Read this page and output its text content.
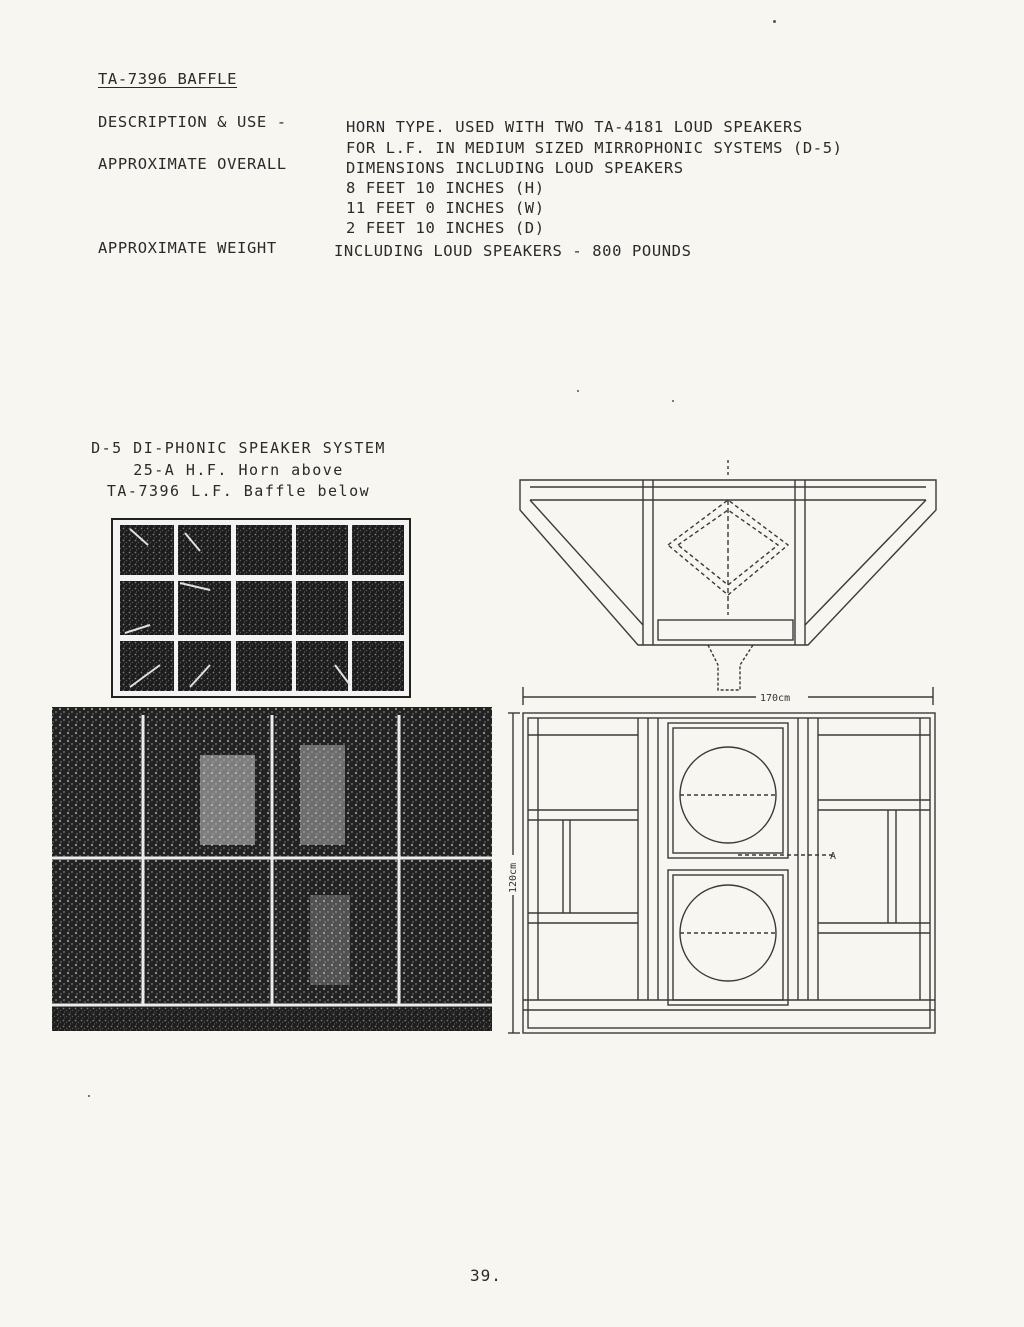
TA-7396 BAFFLE
DESCRIPTION & USE -	HORN TYPE. USED WITH TWO TA-4181 LOUD SPEAKERS
FOR L.F. IN MEDIUM SIZED MIRROPHONIC SYSTEMS (D-5)
APPROXIMATE OVERALL	DIMENSIONS INCLUDING LOUD SPEAKERS
8 FEET 10 INCHES (H)
11 FEET 0 INCHES (W)
2 FEET 10 INCHES (D)
APPROXIMATE WEIGHT	INCLUDING LOUD SPEAKERS - 800 POUNDS
D-5 DI-PHONIC SPEAKER SYSTEM
25-A H.F. Horn above
TA-7396 L.F. Baffle below
170cm
120cm
A
39.
